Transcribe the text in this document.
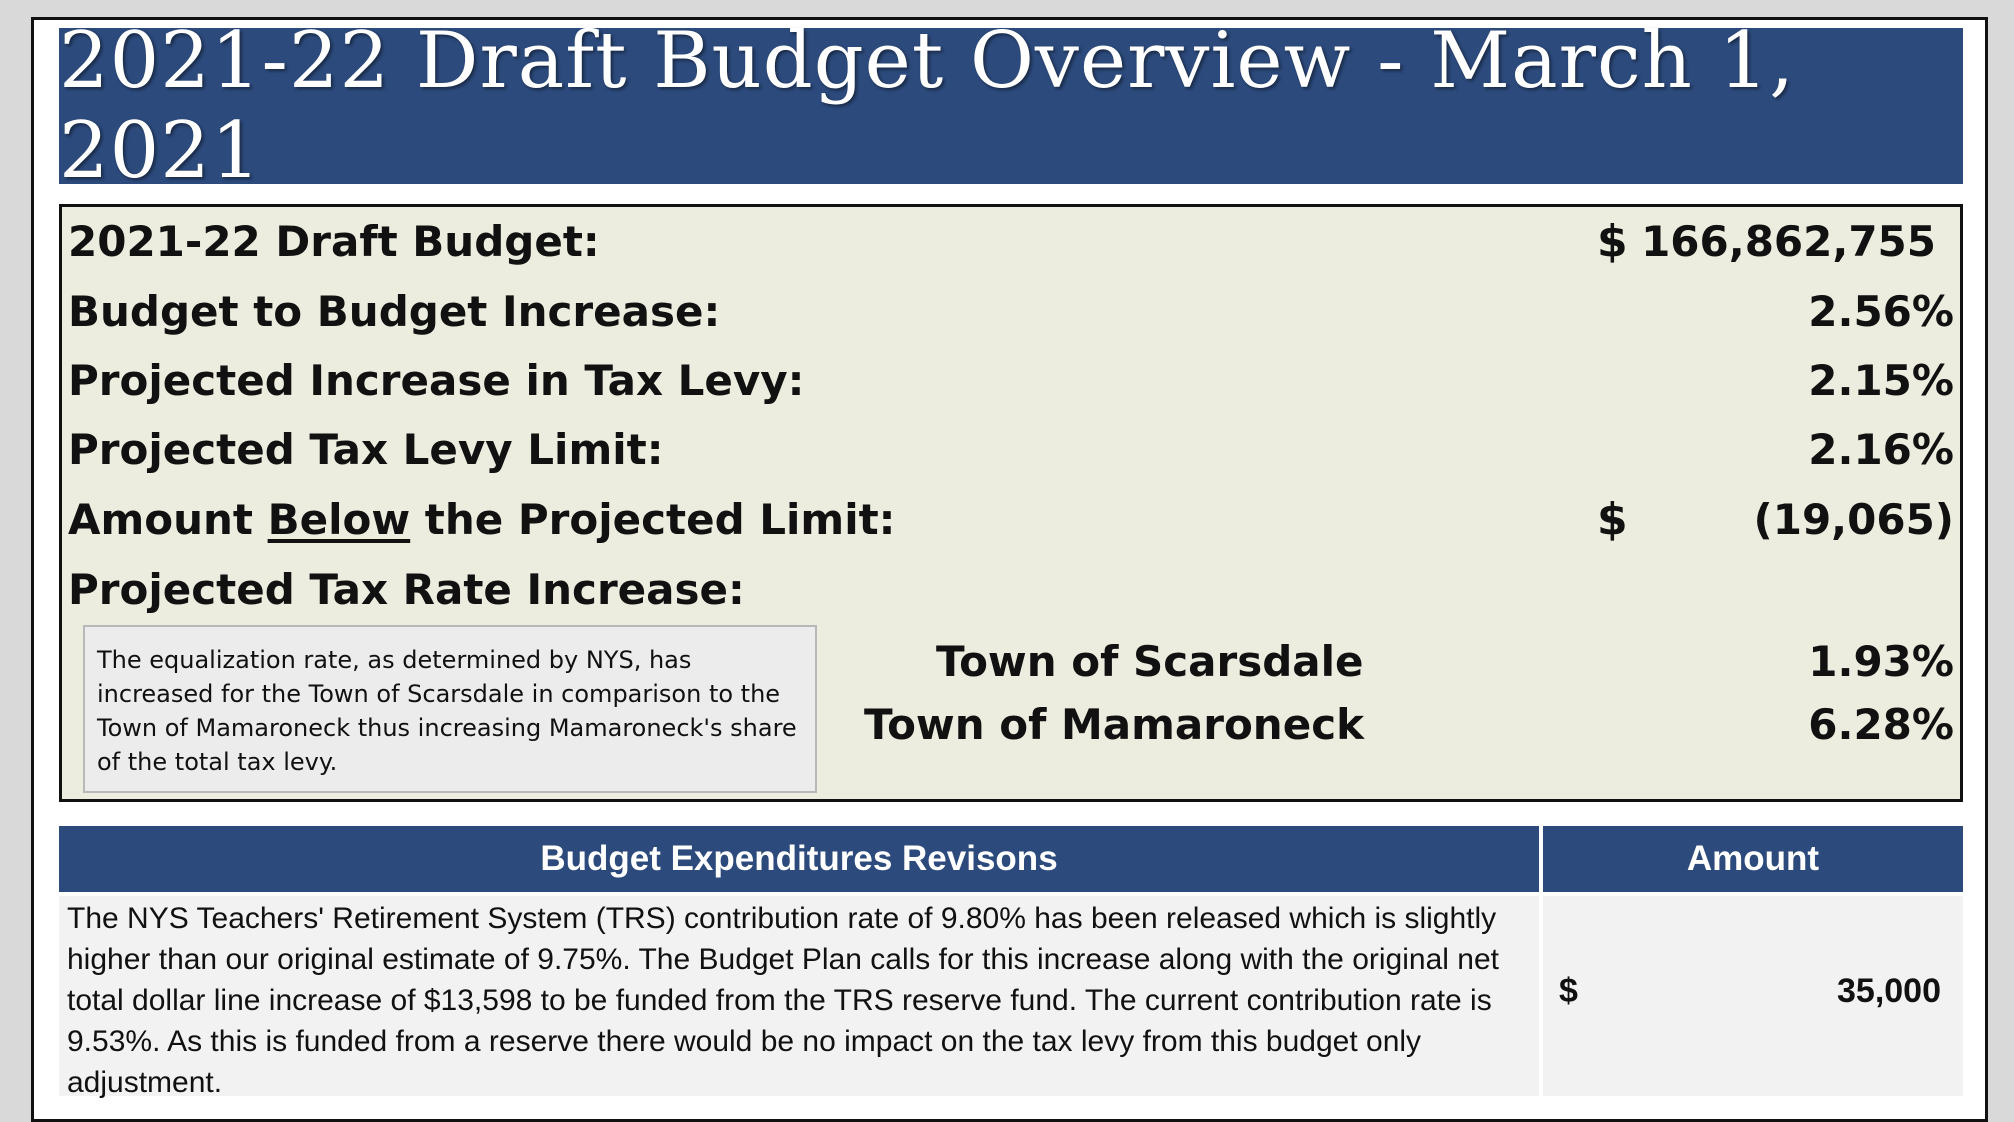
2021-22 Draft Budget Overview - March 1, 2021
2021-22 Draft Budget:	$ 166,862,755
Budget to Budget Increase:	2.56%
Projected Increase in Tax Levy:	2.15%
Projected Tax Levy Limit:	2.16%
Amount Below the Projected Limit:	$	(19,065)
Projected Tax Rate Increase:
The equalization rate, as determined by NYS, has increased for the Town of Scarsdale in comparison to the Town of Mamaroneck thus increasing Mamaroneck's share of the total tax levy.
Town of Scarsdale	1.93%
Town of Mamaroneck	6.28%
Budget Expenditures Revisons	Amount
The NYS Teachers' Retirement System (TRS) contribution rate of 9.80% has been released which is slightly higher than our original estimate of 9.75%. The Budget Plan calls for this increase along with the original net total dollar line increase of $13,598 to be funded from the TRS reserve fund. The current contribution rate is 9.53%. As this is funded from a reserve there would be no impact on the tax levy from this budget only adjustment.
$	35,000
